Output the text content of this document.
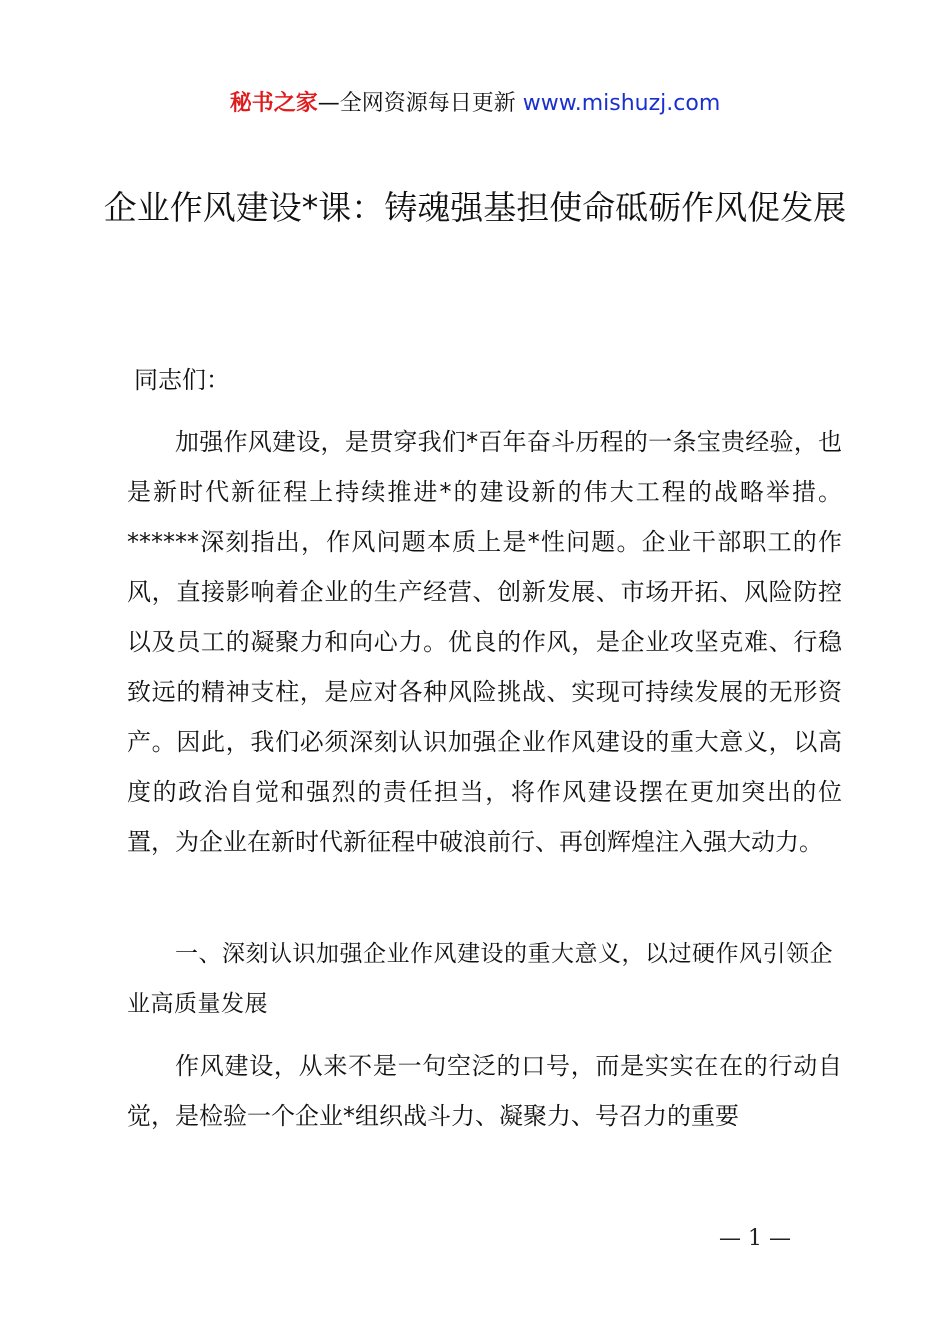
秘书之家—全网资源每日更新 www.mishuzj.com
企业作风建设*课：铸魂强基担使命砥砺作风促发展

同志们：

加强作风建设，是贯穿我们*百年奋斗历程的一条宝贵经验，也是新时代新征程上持续推进*的建设新的伟大工程的战略举措。******深刻指出，作风问题本质上是*性问题。企业干部职工的作风，直接影响着企业的生产经营、创新发展、市场开拓、风险防控以及员工的凝聚力和向心力。优良的作风，是企业攻坚克难、行稳致远的精神支柱，是应对各种风险挑战、实现可持续发展的无形资产。因此，我们必须深刻认识加强企业作风建设的重大意义，以高度的政治自觉和强烈的责任担当，将作风建设摆在更加突出的位置，为企业在新时代新征程中破浪前行、再创辉煌注入强大动力。

一、深刻认识加强企业作风建设的重大意义，以过硬作风引领企业高质量发展

作风建设，从来不是一句空泛的口号，而是实实在在的行动自觉，是检验一个企业*组织战斗力、凝聚力、号召力的重要

— 1 —
